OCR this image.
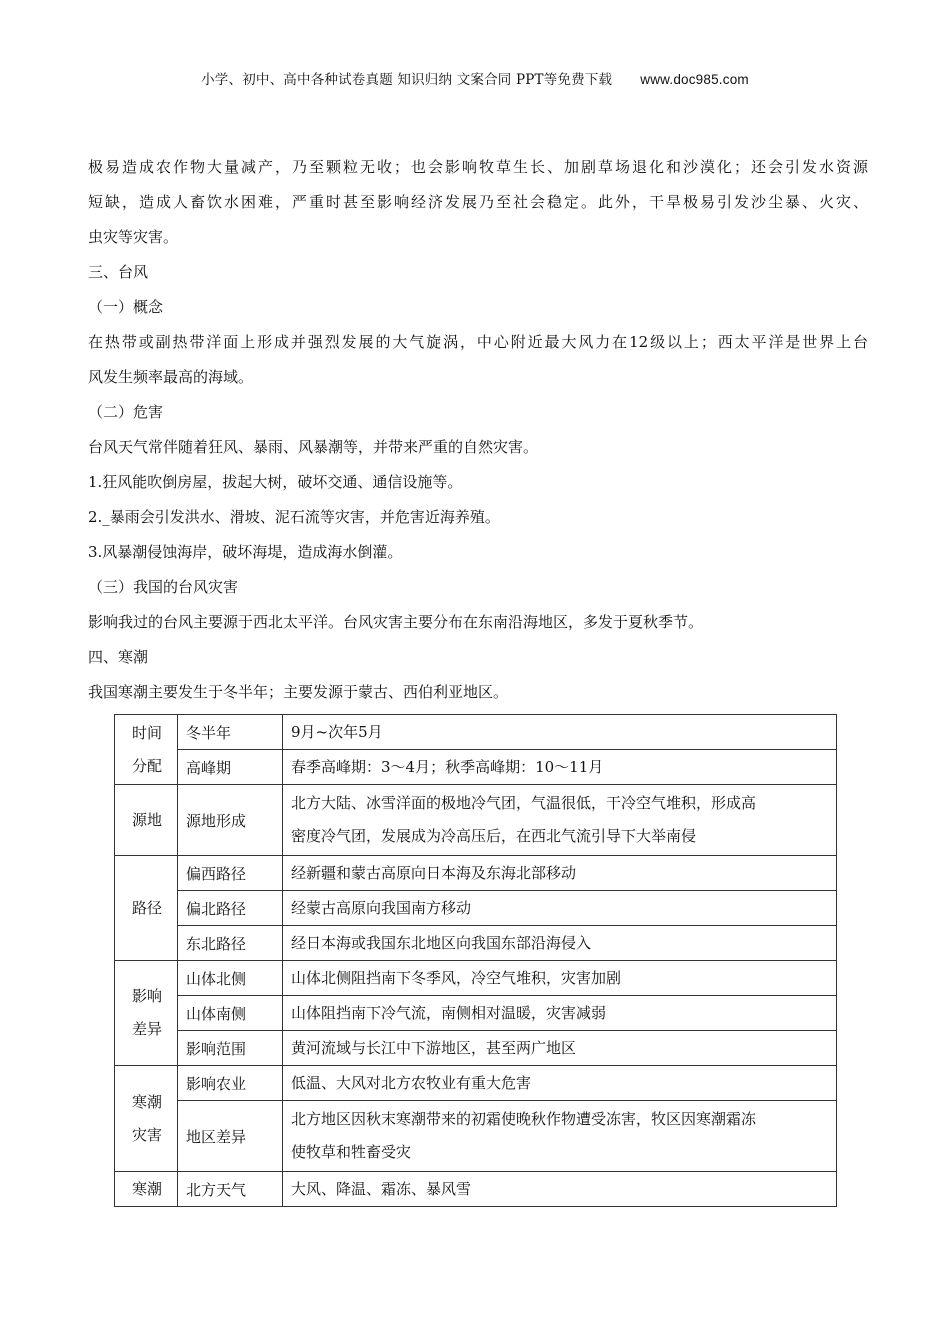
小学、初中、高中各种试卷真题 知识归纳 文案合同 PPT等免费下载 www.doc985.com
极易造成农作物大量减产，乃至颗粒无收；也会影响牧草生长、加剧草场退化和沙漠化；还会引发水资源
短缺，造成人畜饮水困难，严重时甚至影响经济发展乃至社会稳定。此外，干旱极易引发沙尘暴、火灾、
虫灾等灾害。
三、台风
（一）概念
在热带或副热带洋面上形成并强烈发展的大气旋涡，中心附近最大风力在12级以上；西太平洋是世界上台
风发生频率最高的海域。
（二）危害
台风天气常伴随着狂风、暴雨、风暴潮等，并带来严重的自然灾害。
1.狂风能吹倒房屋，拔起大树，破坏交通、通信设施等。
2._暴雨会引发洪水、滑坡、泥石流等灾害，并危害近海养殖。
3.风暴潮侵蚀海岸，破坏海堤，造成海水倒灌。
（三）我国的台风灾害
影响我过的台风主要源于西北太平洋。台风灾害主要分布在东南沿海地区，多发于夏秋季节。
四、寒潮
我国寒潮主要发生于冬半年；主要发源于蒙古、西伯利亚地区。
时间
分配	冬半年	9月~次年5月
	高峰期	春季高峰期：3～4月；秋季高峰期：10～11月
源地	源地形成	北方大陆、冰雪洋面的极地冷气团，气温很低，干冷空气堆积，形成高
密度冷气团，发展成为冷高压后，在西北气流引导下大举南侵

路径	偏西路径	经新疆和蒙古高原向日本海及东海北部移动
	偏北路径	经蒙古高原向我国南方移动
	东北路径	经日本海或我国东北地区向我国东部沿海侵入

影响
差异	山体北侧	山体北侧阻挡南下冬季风，冷空气堆积，灾害加剧
	山体南侧	山体阻挡南下冷气流，南侧相对温暖，灾害减弱
	影响范围	黄河流域与长江中下游地区，甚至两广地区

寒潮
灾害	影响农业	低温、大风对北方农牧业有重大危害
	地区差异	北方地区因秋末寒潮带来的初霜使晚秋作物遭受冻害，牧区因寒潮霜冻
使牧草和牲畜受灾

寒潮	北方天气	大风、降温、霜冻、暴风雪
